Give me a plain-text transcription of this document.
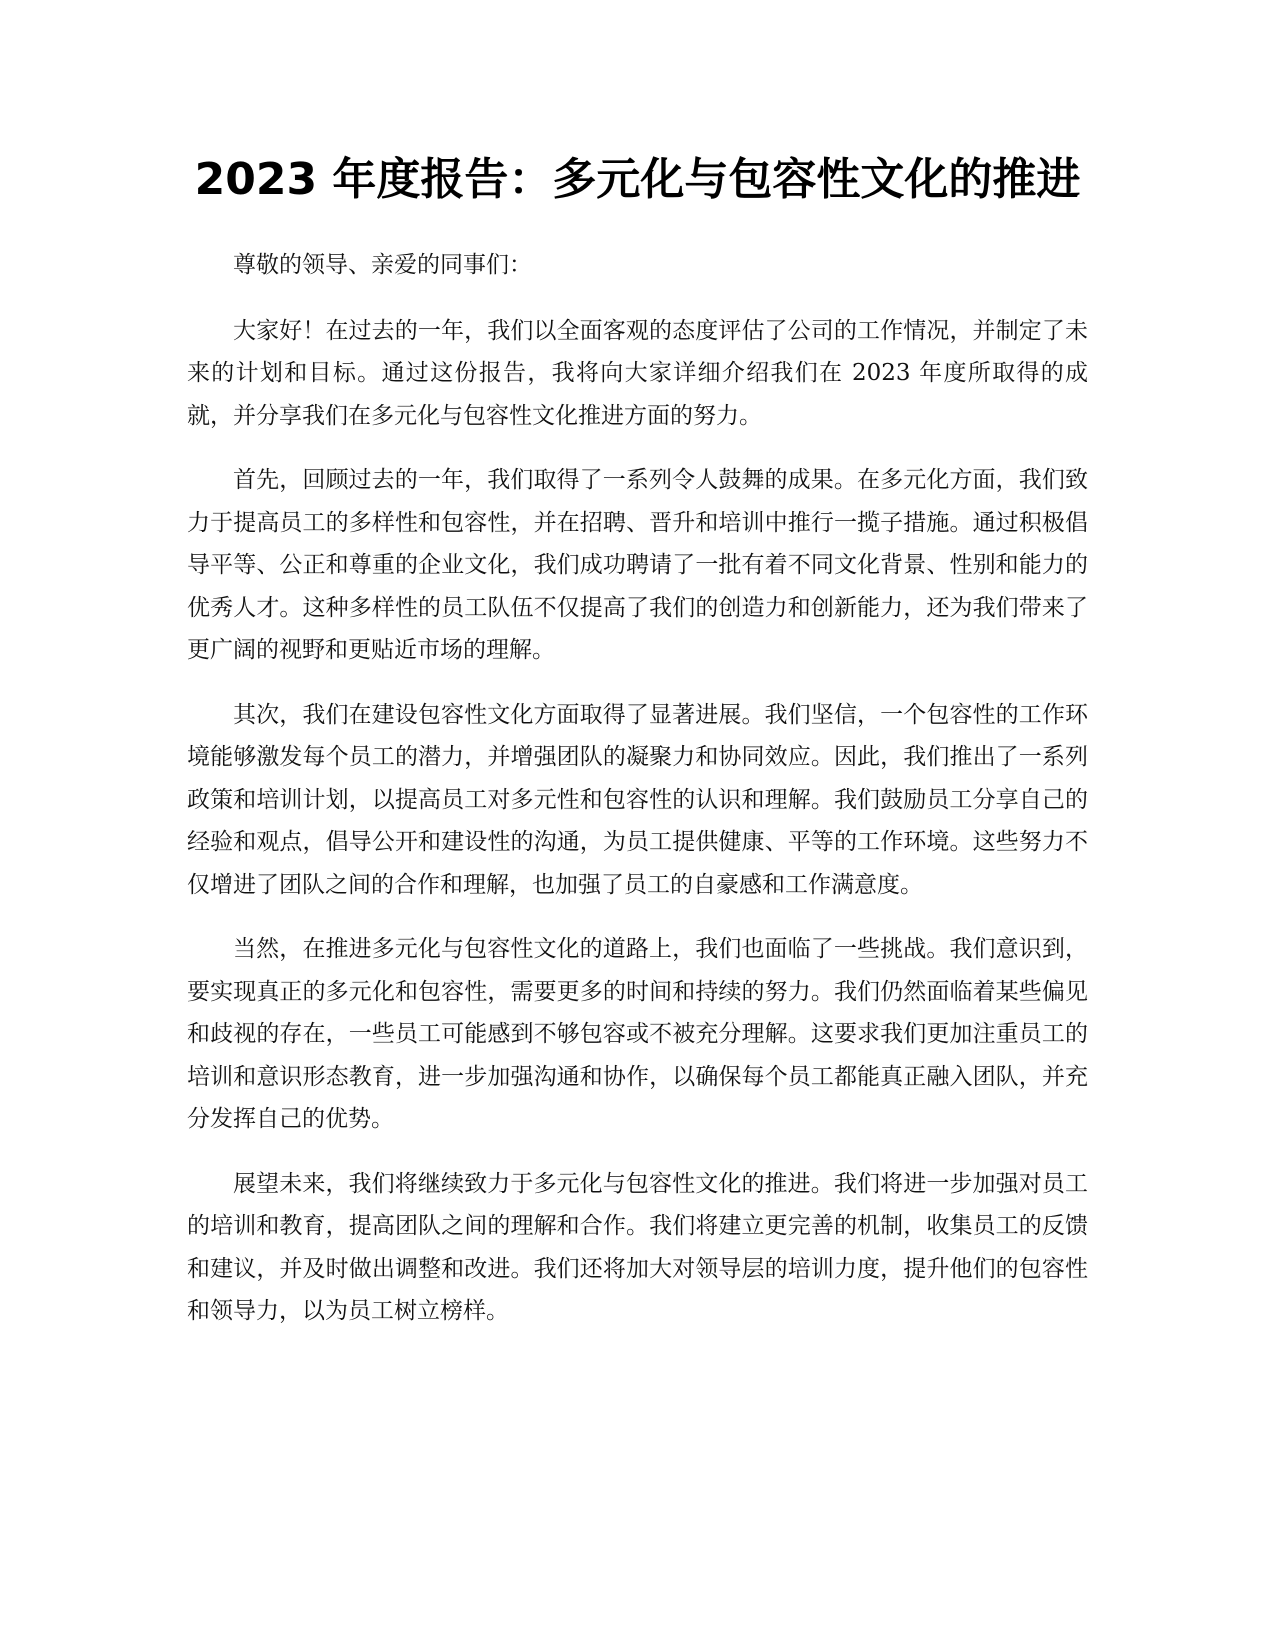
2023 年度报告：多元化与包容性文化的推进

尊敬的领导、亲爱的同事们：

大家好！在过去的一年，我们以全面客观的态度评估了公司的工作情况，并制定了未来的计划和目标。通过这份报告，我将向大家详细介绍我们在 2023 年度所取得的成就，并分享我们在多元化与包容性文化推进方面的努力。

首先，回顾过去的一年，我们取得了一系列令人鼓舞的成果。在多元化方面，我们致力于提高员工的多样性和包容性，并在招聘、晋升和培训中推行一揽子措施。通过积极倡导平等、公正和尊重的企业文化，我们成功聘请了一批有着不同文化背景、性别和能力的优秀人才。这种多样性的员工队伍不仅提高了我们的创造力和创新能力，还为我们带来了更广阔的视野和更贴近市场的理解。

其次，我们在建设包容性文化方面取得了显著进展。我们坚信，一个包容性的工作环境能够激发每个员工的潜力，并增强团队的凝聚力和协同效应。因此，我们推出了一系列政策和培训计划，以提高员工对多元性和包容性的认识和理解。我们鼓励员工分享自己的经验和观点，倡导公开和建设性的沟通，为员工提供健康、平等的工作环境。这些努力不仅增进了团队之间的合作和理解，也加强了员工的自豪感和工作满意度。

当然，在推进多元化与包容性文化的道路上，我们也面临了一些挑战。我们意识到，要实现真正的多元化和包容性，需要更多的时间和持续的努力。我们仍然面临着某些偏见和歧视的存在，一些员工可能感到不够包容或不被充分理解。这要求我们更加注重员工的培训和意识形态教育，进一步加强沟通和协作，以确保每个员工都能真正融入团队，并充分发挥自己的优势。

展望未来，我们将继续致力于多元化与包容性文化的推进。我们将进一步加强对员工的培训和教育，提高团队之间的理解和合作。我们将建立更完善的机制，收集员工的反馈和建议，并及时做出调整和改进。我们还将加大对领导层的培训力度，提升他们的包容性和领导力，以为员工树立榜样。
